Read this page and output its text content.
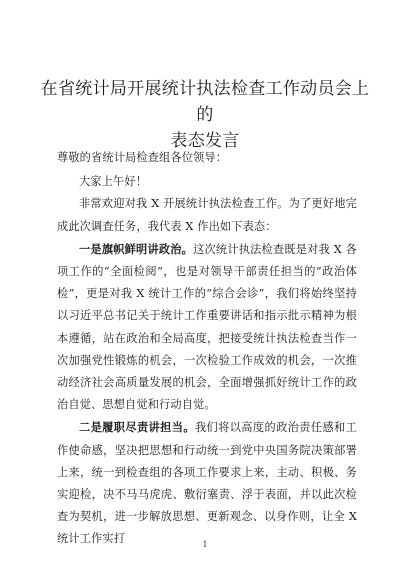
在省统计局开展统计执法检查工作动员会上的
表态发言

尊敬的省统计局检查组各位领导：

大家上午好！

非常欢迎对我 X 开展统计执法检查工作。为了更好地完成此次调查任务，我代表 X 作出如下表态：

一是旗帜鲜明讲政治。这次统计执法检查既是对我 X 各项工作的“全面检阅”，也是对领导干部责任担当的“政治体检”，更是对我 X 统计工作的“综合会诊”，我们将始终坚持以习近平总书记关于统计工作重要讲话和指示批示精神为根本遵循，站在政治和全局高度，把接受统计执法检查当作一次加强党性锻炼的机会，一次检验工作成效的机会，一次推动经济社会高质量发展的机会，全面增强抓好统计工作的政治自觉、思想自觉和行动自觉。

二是履职尽责讲担当。我们将以高度的政治责任感和工作使命感，坚决把思想和行动统一到党中央国务院决策部署上来，统一到检查组的各项工作要求上来，主动、积极、务实迎检，决不马马虎虎、敷衍塞责、浮于表面，并以此次检查为契机，进一步解放思想、更新观念、以身作则，让全 X 统计工作实打	1
